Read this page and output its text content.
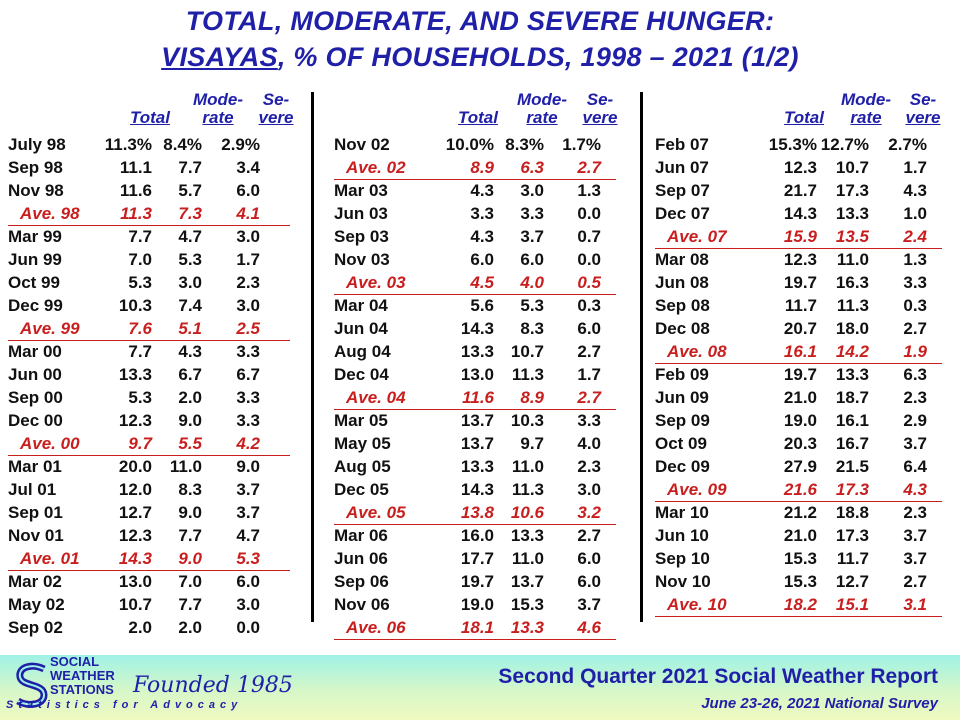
TOTAL, MODERATE, AND SEVERE HUNGER:
VISAYAS, % OF HOUSEHOLDS, 1998 – 2021 (1/2)
Mode-	Se-
Total	rate	vere
July 98	11.3% 8.4%	2.9%
Sep 98	11.1	7.7	3.4
Nov 98	11.6	5.7	6.0
Ave. 98	11.3	7.3	4.1
Mar 99	7.7	4.7	3.0
Jun 99	7.0	5.3	1.7
Oct 99	5.3	3.0	2.3
Dec 99	10.3	7.4	3.0
Ave. 99	7.6	5.1	2.5
Mar 00	7.7	4.3	3.3
Jun 00	13.3	6.7	6.7
Sep 00	5.3	2.0	3.3
Dec 00	12.3	9.0	3.3
Ave. 00	9.7	5.5	4.2
Mar 01	20.0	11.0	9.0
Jul 01	12.0	8.3	3.7
Sep 01	12.7	9.0	3.7
Nov 01	12.3	7.7	4.7
Ave. 01	14.3	9.0	5.3
Mar 02	13.0	7.0	6.0
May 02	10.7	7.7	3.0
Sep 02	2.0	2.0	0.0
Mode-	Se-
Total	rate	vere
Nov 02	10.0% 8.3%	1.7%
Ave. 02	8.9	6.3	2.7
Mar 03	4.3	3.0	1.3
Jun 03	3.3	3.3	0.0
Sep 03	4.3	3.7	0.7
Nov 03	6.0	6.0	0.0
Ave. 03	4.5	4.0	0.5
Mar 04	5.6	5.3	0.3
Jun 04	14.3	8.3	6.0
Aug 04	13.3 10.7	2.7
Dec 04	13.0	11.3	1.7
Ave. 04	11.6	8.9	2.7
Mar 05	13.7 10.3	3.3
May 05	13.7	9.7	4.0
Aug 05	13.3	11.0	2.3
Dec 05	14.3	11.3	3.0
Ave. 05	13.8 10.6	3.2
Mar 06	16.0 13.3	2.7
Jun 06	17.7	11.0	6.0
Sep 06	19.7 13.7	6.0
Nov 06	19.0 15.3	3.7
Ave. 06	18.1 13.3	4.6
Mode-	Se-
Total	rate	vere
Feb 07	15.3% 12.7%	2.7%
Jun 07	12.3	10.7	1.7
Sep 07	21.7	17.3	4.3
Dec 07	14.3	13.3	1.0
Ave. 07	15.9	13.5	2.4
Mar 08	12.3	11.0	1.3
Jun 08	19.7	16.3	3.3
Sep 08	11.7	11.3	0.3
Dec 08	20.7	18.0	2.7
Ave. 08	16.1	14.2	1.9
Feb 09	19.7	13.3	6.3
Jun 09	21.0	18.7	2.3
Sep 09	19.0	16.1	2.9
Oct 09	20.3	16.7	3.7
Dec 09	27.9	21.5	6.4
Ave. 09	21.6	17.3	4.3
Mar 10	21.2	18.8	2.3
Jun 10	21.0	17.3	3.7
Sep 10	15.3	11.7	3.7
Nov 10	15.3	12.7	2.7
Ave. 10	18.2	15.1	3.1
SOCIAL
WEATHER
STATIONS Founded 1985
Statistics for Advocacy
Second Quarter 2021 Social Weather Report
June 23-26, 2021 National Survey
